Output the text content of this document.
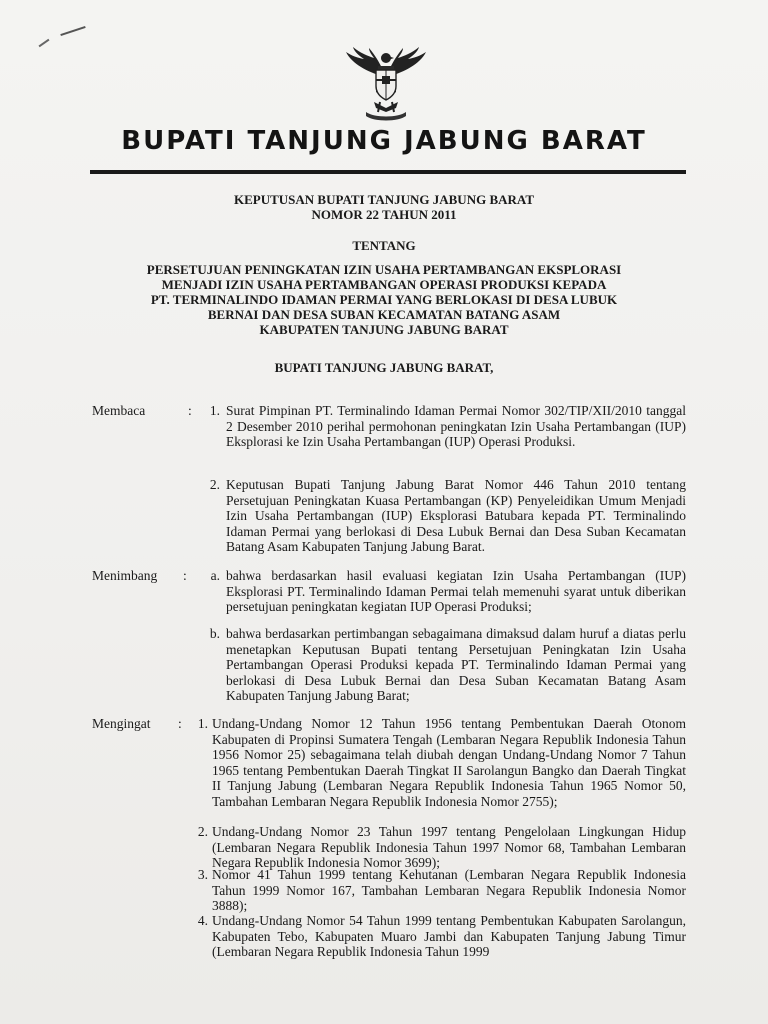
BUPATI TANJUNG JABUNG BARAT
KEPUTUSAN BUPATI TANJUNG JABUNG BARAT
NOMOR 22 TAHUN 2011
TENTANG
PERSETUJUAN PENINGKATAN IZIN USAHA PERTAMBANGAN EKSPLORASI
MENJADI IZIN USAHA PERTAMBANGAN OPERASI PRODUKSI KEPADA
PT. TERMINALINDO IDAMAN PERMAI YANG BERLOKASI DI DESA LUBUK
BERNAI DAN DESA SUBAN KECAMATAN BATANG ASAM
KABUPATEN TANJUNG JABUNG BARAT
BUPATI TANJUNG JABUNG BARAT,
Membaca	:	1. Surat Pimpinan PT. Terminalindo Idaman Permai Nomor 302/TIP/XII/2010 tanggal 2 Desember 2010 perihal permohonan peningkatan Izin Usaha Pertambangan (IUP) Eksplorasi ke Izin Usaha Pertambangan (IUP) Operasi Produksi.
2. Keputusan Bupati Tanjung Jabung Barat Nomor 446 Tahun 2010 tentang Persetujuan Peningkatan Kuasa Pertambangan (KP) Penyeleidikan Umum Menjadi Izin Usaha Pertambangan (IUP) Eksplorasi Batubara kepada PT. Terminalindo Idaman Permai yang berlokasi di Desa Lubuk Bernai dan Desa Suban Kecamatan Batang Asam Kabupaten Tanjung Jabung Barat.
Menimbang :	a. bahwa berdasarkan hasil evaluasi kegiatan Izin Usaha Pertambangan (IUP) Eksplorasi PT. Terminalindo Idaman Permai telah memenuhi syarat untuk diberikan persetujuan peningkatan kegiatan IUP Operasi Produksi;
b. bahwa berdasarkan pertimbangan sebagaimana dimaksud dalam huruf a diatas perlu menetapkan Keputusan Bupati tentang Persetujuan Peningkatan Izin Usaha Pertambangan Operasi Produksi kepada PT. Terminalindo Idaman Permai yang berlokasi di Desa Lubuk Bernai dan Desa Suban Kecamatan Batang Asam Kabupaten Tanjung Jabung Barat;
Mengingat :	1. Undang-Undang Nomor 12 Tahun 1956 tentang Pembentukan Daerah Otonom Kabupaten di Propinsi Sumatera Tengah (Lembaran Negara Republik Indonesia Tahun 1956 Nomor 25) sebagaimana telah diubah dengan Undang-Undang Nomor 7 Tahun 1965 tentang Pembentukan Daerah Tingkat II Sarolangun Bangko dan Daerah Tingkat II Tanjung Jabung (Lembaran Negara Republik Indonesia Tahun 1965 Nomor 50, Tambahan Lembaran Negara Republik Indonesia Nomor 2755);
2. Undang-Undang Nomor 23 Tahun 1997 tentang Pengelolaan Lingkungan Hidup (Lembaran Negara Republik Indonesia Tahun 1997 Nomor 68, Tambahan Lembaran Negara Republik Indonesia Nomor 3699);
3. Nomor 41 Tahun 1999 tentang Kehutanan (Lembaran Negara Republik Indonesia Tahun 1999 Nomor 167, Tambahan Lembaran Negara Republik Indonesia Nomor 3888);
4. Undang-Undang Nomor 54 Tahun 1999 tentang Pembentukan Kabupaten Sarolangun, Kabupaten Tebo, Kabupaten Muaro Jambi dan Kabupaten Tanjung Jabung Timur (Lembaran Negara Republik Indonesia Tahun 1999
